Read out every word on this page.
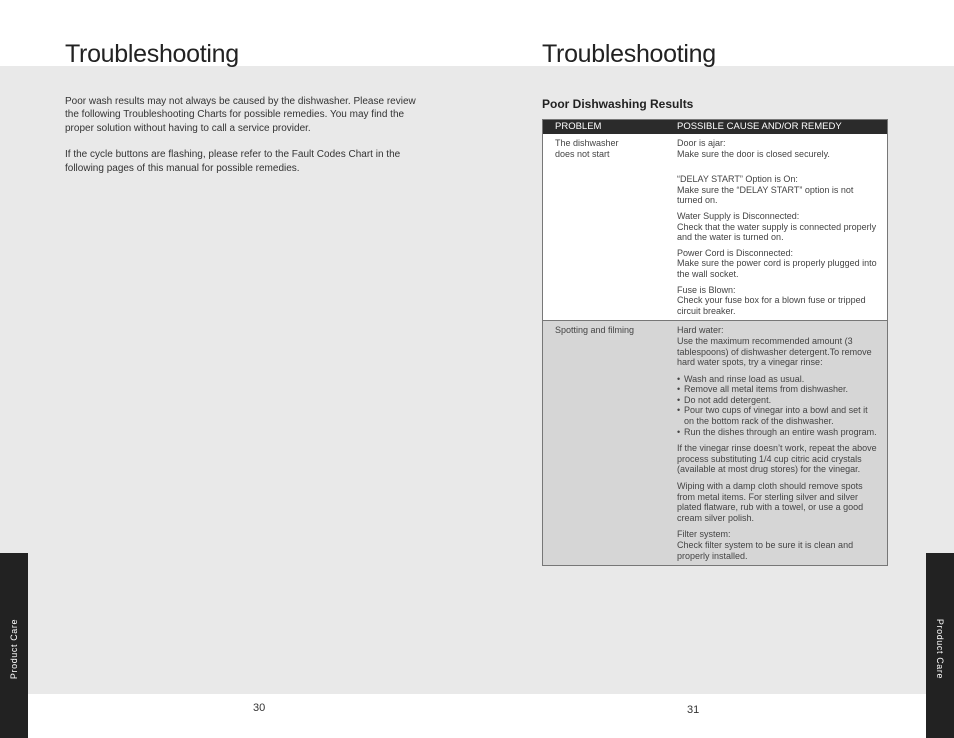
Troubleshooting

Poor wash results may not always be caused by the dishwasher. Please review the following Troubleshooting Charts for possible remedies. You may find the proper solution without having to call a service provider.

If the cycle buttons are flashing, please refer to the Fault Codes Chart in the following pages of this manual for possible remedies.

Product Care
30
Troubleshooting
Poor Dishwashing Results
PROBLEM	POSSIBLE CAUSE AND/OR REMEDY
The dishwasher does not start
Door is ajar:
Make sure the door is closed securely.
“DELAY START” Option is On:
Make sure the “DELAY START” option is not turned on.
Water Supply is Disconnected:
Check that the water supply is connected properly and the water is turned on.
Power Cord is Disconnected:
Make sure the power cord is properly plugged into the wall socket.
Fuse is Blown:
Check your fuse box for a blown fuse or tripped circuit breaker.
Spotting and filming	Hard water:
Use the maximum recommended amount (3 tablespoons) of dishwasher detergent.To remove hard water spots, try a vinegar rinse:
• Wash and rinse load as usual.
• Remove all metal items from dishwasher.
• Do not add detergent.
• Pour two cups of vinegar into a bowl and set it on the bottom rack of the dishwasher.
• Run the dishes through an entire wash program.
If the vinegar rinse doesn’t work, repeat the above process substituting 1/4 cup citric acid crystals (available at most drug stores) for the vinegar.
Wiping with a damp cloth should remove spots from metal items. For sterling silver and silver plated flatware, rub with a towel, or use a good cream silver polish.
Filter system:
Check filter system to be sure it is clean and properly installed.
Product Care
31
